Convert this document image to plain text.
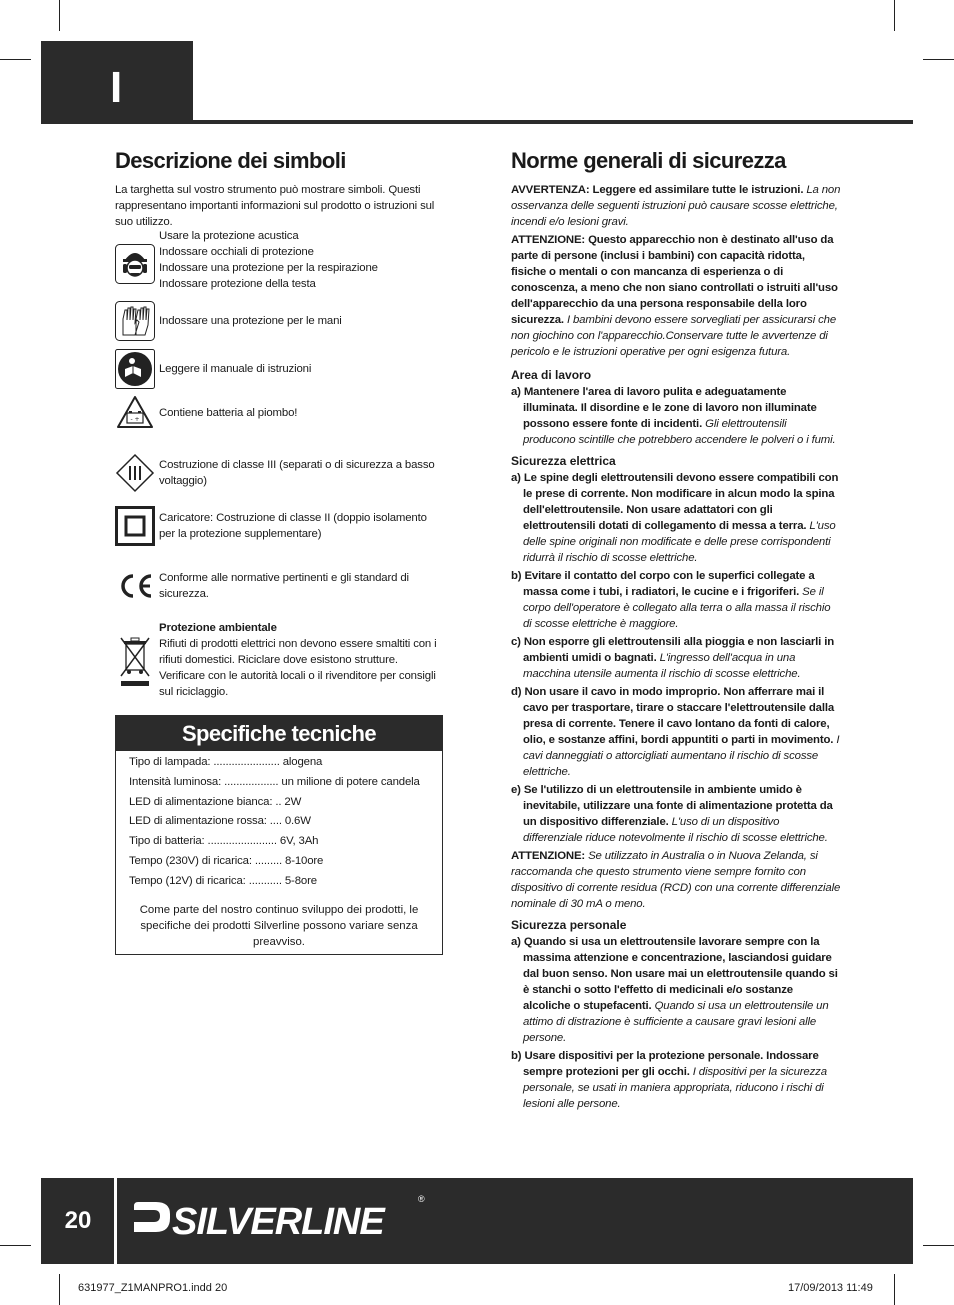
I
Descrizione dei simboli

La targhetta sul vostro strumento può mostrare simboli. Questi rappresentano importanti informazioni sul prodotto o istruzioni sul suo utilizzo.

Usare la protezione acustica
Indossare occhiali di protezione
Indossare una protezione per la respirazione
Indossare protezione della testa
Indossare una protezione per le mani
Leggere il manuale di istruzioni
- +
Contiene batteria al piombo!
Costruzione di classe III (separati o di sicurezza a basso voltaggio)
Caricatore: Costruzione di classe II (doppio isolamento per la protezione supplementare)
Conforme alle normative pertinenti e gli standard di sicurezza.
Protezione ambientale
Rifiuti di prodotti elettrici non devono essere smaltiti con i rifiuti domestici. Riciclare dove esistono strutture. Verificare con le autorità locali o il rivenditore per consigli sul riciclaggio.
Specifiche tecniche
Tipo di lampada: ...................... alogena
Intensità luminosa: .................. un milione di potere candela
LED di alimentazione bianca: .. 2W
LED di alimentazione rossa: .... 0.6W
Tipo di batteria: ....................... 6V, 3Ah
Tempo (230V) di ricarica: ......... 8-10ore
Tempo (12V) di ricarica: ........... 5-8ore
Come parte del nostro continuo sviluppo dei prodotti, le specifiche dei prodotti Silverline possono variare senza preavviso.
Norme generali di sicurezza

AVVERTENZA: Leggere ed assimilare tutte le istruzioni. La non osservanza delle seguenti istruzioni può causare scosse elettriche, incendi e/o lesioni gravi.

ATTENZIONE: Questo apparecchio non è destinato all'uso da parte di persone (inclusi i bambini) con capacità ridotta, fisiche o mentali o con mancanza di esperienza o di conoscenza, a meno che non siano controllati o istruiti all'uso dell'apparecchio da una persona responsabile della loro sicurezza. I bambini devono essere sorvegliati per assicurarsi che non giochino con l'apparecchio.Conservare tutte le avvertenze di pericolo e le istruzioni operative per ogni esigenza futura.

Area di lavoro

a) Mantenere l'area di lavoro pulita e adeguatamente illuminata. Il disordine e le zone di lavoro non illuminate possono essere fonte di incidenti. Gli elettroutensili producono scintille che potrebbero accendere le polveri o i fumi.

Sicurezza elettrica

a) Le spine degli elettroutensili devono essere compatibili con le prese di corrente. Non modificare in alcun modo la spina dell'elettroutensile. Non usare adattatori con gli elettroutensili dotati di collegamento di messa a terra. L'uso delle spine originali non modificate e delle prese corrispondenti ridurrà il rischio di scosse elettriche.

b) Evitare il contatto del corpo con le superfici collegate a massa come i tubi, i radiatori, le cucine e i frigoriferi. Se il corpo dell'operatore è collegato alla terra o alla massa il rischio di scosse elettriche è maggiore.

c) Non esporre gli elettroutensili alla pioggia e non lasciarli in ambienti umidi o bagnati. L'ingresso dell'acqua in una macchina utensile aumenta il rischio di scosse elettriche.

d) Non usare il cavo in modo improprio. Non afferrare mai il cavo per trasportare, tirare o staccare l'elettroutensile dalla presa di corrente. Tenere il cavo lontano da fonti di calore, olio, e sostanze affini, bordi appuntiti o parti in movimento. I cavi danneggiati o attorcigliati aumentano il rischio di scosse elettriche.

e) Se l'utilizzo di un elettroutensile in ambiente umido è inevitabile, utilizzare una fonte di alimentazione protetta da un dispositivo differenziale. L'uso di un dispositivo differenziale riduce notevolmente il rischio di scosse elettriche.

ATTENZIONE: Se utilizzato in Australia o in Nuova Zelanda, si raccomanda che questo strumento viene sempre fornito con dispositivo di corrente residua (RCD) con una corrente differenziale nominale di 30 mA o meno.

Sicurezza personale

a) Quando si usa un elettroutensile lavorare sempre con la massima attenzione e concentrazione, lasciandosi guidare dal buon senso. Non usare mai un elettroutensile quando si è stanchi o sotto l'effetto di medicinali e/o sostanze alcoliche o stupefacenti. Quando si usa un elettroutensile un attimo di distrazione è sufficiente a causare gravi lesioni alle persone.

b) Usare dispositivi per la protezione personale. Indossare sempre protezioni per gli occhi. I dispositivi per la sicurezza personale, se usati in maniera appropriata, riducono i rischi di lesioni alle persone.

20	SILVERLINE
®
631977_Z1MANPRO1.indd 20	17/09/2013 11:49
